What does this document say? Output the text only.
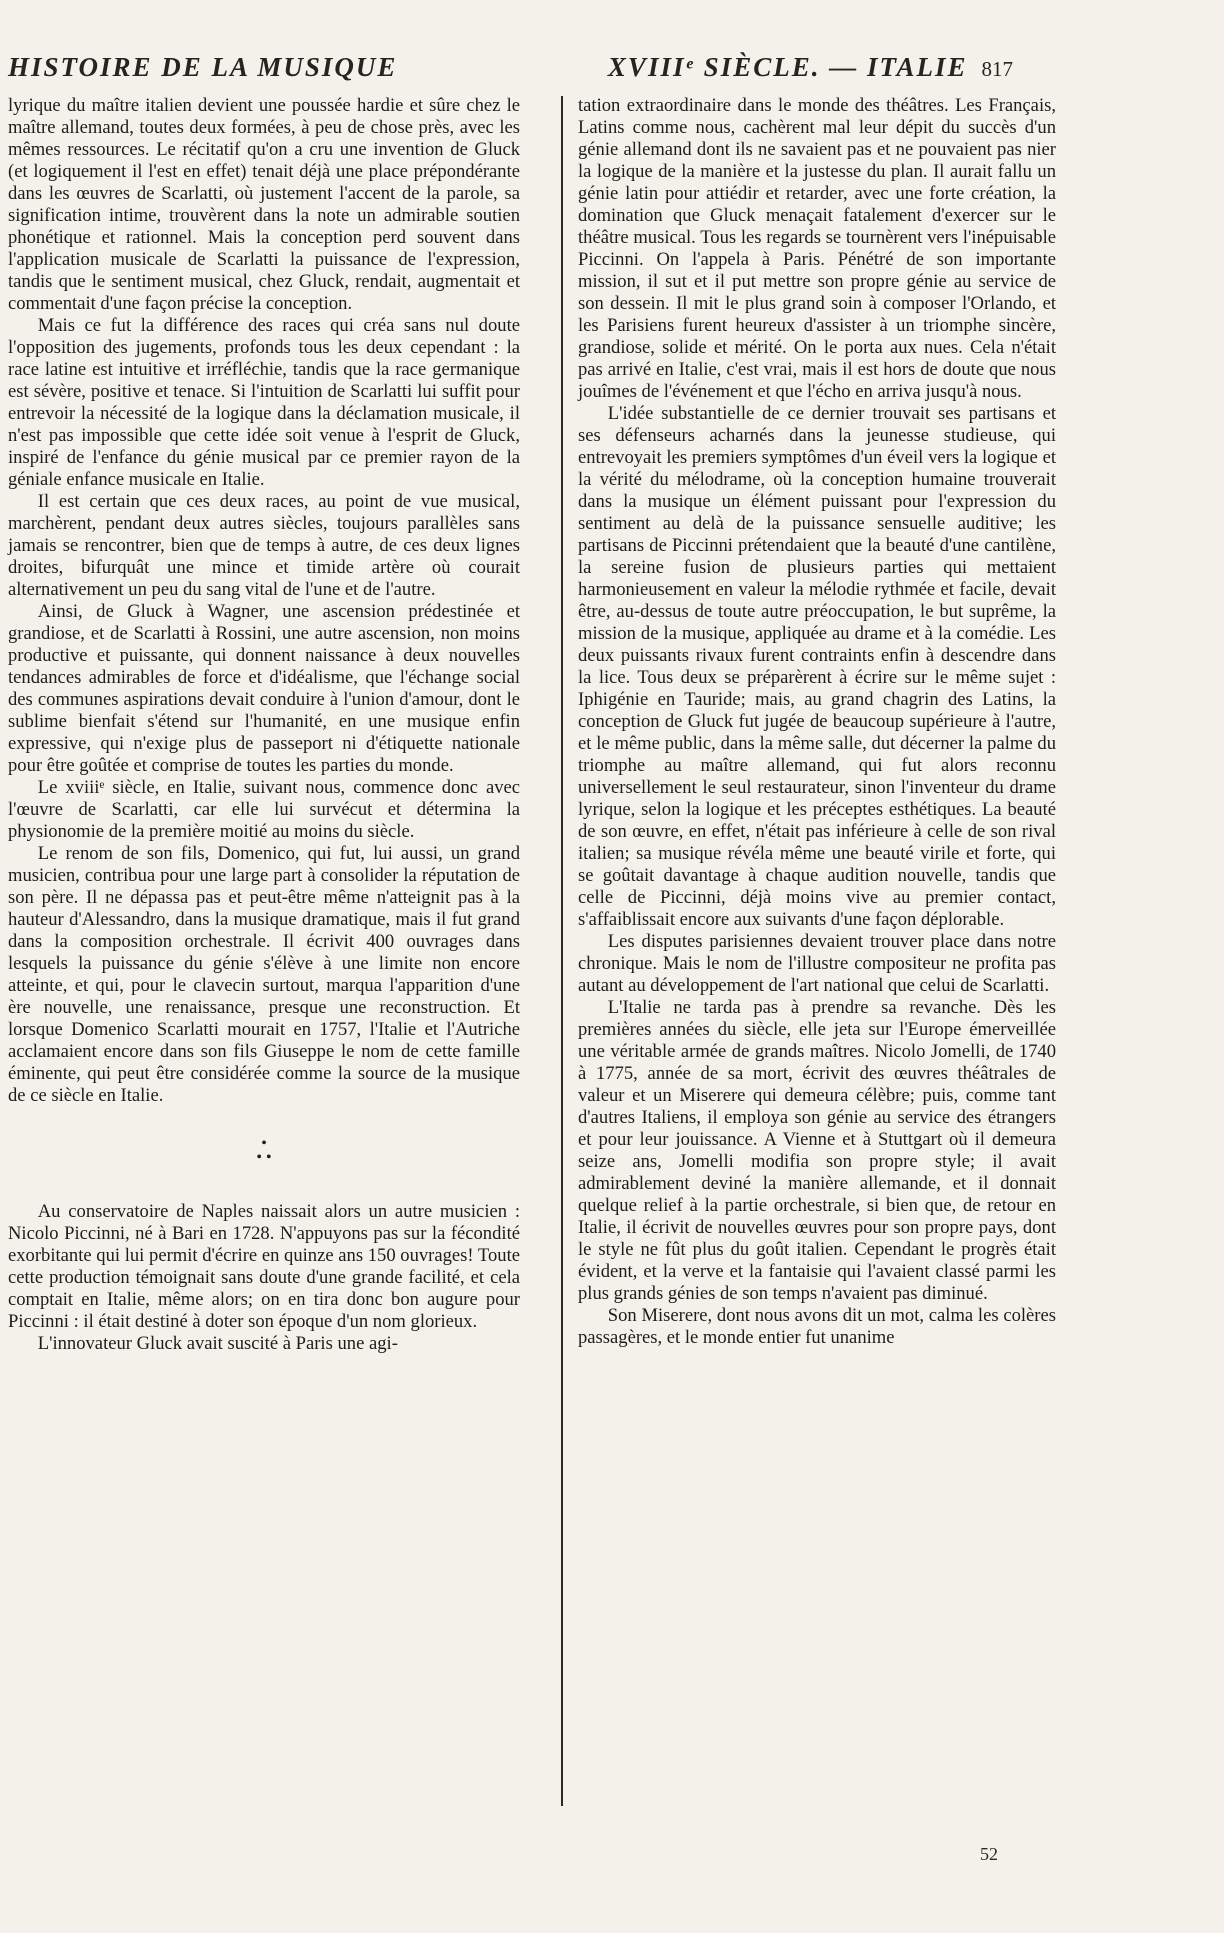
HISTOIRE DE LA MUSIQUE	XVIIIᵉ SIÈCLE. — ITALIE 817

lyrique du maître italien devient une poussée hardie et sûre chez le maître allemand, toutes deux formées, à peu de chose près, avec les mêmes ressources. Le récitatif qu'on a cru une invention de Gluck (et logiquement il l'est en effet) tenait déjà une place prépondérante dans les œuvres de Scarlatti, où justement l'accent de la parole, sa signification intime, trouvèrent dans la note un admirable soutien phonétique et rationnel. Mais la conception perd souvent dans l'application musicale de Scarlatti la puissance de l'expression, tandis que le sentiment musical, chez Gluck, rendait, augmentait et commentait d'une façon précise la conception.

Mais ce fut la différence des races qui créa sans nul doute l'opposition des jugements, profonds tous les deux cependant : la race latine est intuitive et irréfléchie, tandis que la race germanique est sévère, positive et tenace. Si l'intuition de Scarlatti lui suffit pour entrevoir la nécessité de la logique dans la déclamation musicale, il n'est pas impossible que cette idée soit venue à l'esprit de Gluck, inspiré de l'enfance du génie musical par ce premier rayon de la géniale enfance musicale en Italie.

Il est certain que ces deux races, au point de vue musical, marchèrent, pendant deux autres siècles, toujours parallèles sans jamais se rencontrer, bien que de temps à autre, de ces deux lignes droites, bifurquât une mince et timide artère où courait alternativement un peu du sang vital de l'une et de l'autre.

Ainsi, de Gluck à Wagner, une ascension prédestinée et grandiose, et de Scarlatti à Rossini, une autre ascension, non moins productive et puissante, qui donnent naissance à deux nouvelles tendances admirables de force et d'idéalisme, que l'échange social des communes aspirations devait conduire à l'union d'amour, dont le sublime bienfait s'étend sur l'humanité, en une musique enfin expressive, qui n'exige plus de passeport ni d'étiquette nationale pour être goûtée et comprise de toutes les parties du monde.

Le xviiiᵉ siècle, en Italie, suivant nous, commence donc avec l'œuvre de Scarlatti, car elle lui survécut et détermina la physionomie de la première moitié au moins du siècle.

Le renom de son fils, Domenico, qui fut, lui aussi, un grand musicien, contribua pour une large part à consolider la réputation de son père. Il ne dépassa pas et peut-être même n'atteignit pas à la hauteur d'Alessandro, dans la musique dramatique, mais il fut grand dans la composition orchestrale. Il écrivit 400 ouvrages dans lesquels la puissance du génie s'élève à une limite non encore atteinte, et qui, pour le clavecin surtout, marqua l'apparition d'une ère nouvelle, une renaissance, presque une reconstruction. Et lorsque Domenico Scarlatti mourait en 1757, l'Italie et l'Autriche acclamaient encore dans son fils Giuseppe le nom de cette famille éminente, qui peut être considérée comme la source de la musique de ce siècle en Italie.

•
• •

Au conservatoire de Naples naissait alors un autre musicien : Nicolo Piccinni, né à Bari en 1728. N'appuyons pas sur la fécondité exorbitante qui lui permit d'écrire en quinze ans 150 ouvrages! Toute cette production témoignait sans doute d'une grande facilité, et cela comptait en Italie, même alors; on en tira donc bon augure pour Piccinni : il était destiné à doter son époque d'un nom glorieux.

L'innovateur Gluck avait suscité à Paris une agi-

tation extraordinaire dans le monde des théâtres. Les Français, Latins comme nous, cachèrent mal leur dépit du succès d'un génie allemand dont ils ne savaient pas et ne pouvaient pas nier la logique de la manière et la justesse du plan. Il aurait fallu un génie latin pour attiédir et retarder, avec une forte création, la domination que Gluck menaçait fatalement d'exercer sur le théâtre musical. Tous les regards se tournèrent vers l'inépuisable Piccinni. On l'appela à Paris. Pénétré de son importante mission, il sut et il put mettre son propre génie au service de son dessein. Il mit le plus grand soin à composer l'Orlando, et les Parisiens furent heureux d'assister à un triomphe sincère, grandiose, solide et mérité. On le porta aux nues. Cela n'était pas arrivé en Italie, c'est vrai, mais il est hors de doute que nous jouîmes de l'événement et que l'écho en arriva jusqu'à nous.

L'idée substantielle de ce dernier trouvait ses partisans et ses défenseurs acharnés dans la jeunesse studieuse, qui entrevoyait les premiers symptômes d'un éveil vers la logique et la vérité du mélodrame, où la conception humaine trouverait dans la musique un élément puissant pour l'expression du sentiment au delà de la puissance sensuelle auditive; les partisans de Piccinni prétendaient que la beauté d'une cantilène, la sereine fusion de plusieurs parties qui mettaient harmonieusement en valeur la mélodie rythmée et facile, devait être, au-dessus de toute autre préoccupation, le but suprême, la mission de la musique, appliquée au drame et à la comédie. Les deux puissants rivaux furent contraints enfin à descendre dans la lice. Tous deux se préparèrent à écrire sur le même sujet : Iphigénie en Tauride; mais, au grand chagrin des Latins, la conception de Gluck fut jugée de beaucoup supérieure à l'autre, et le même public, dans la même salle, dut décerner la palme du triomphe au maître allemand, qui fut alors reconnu universellement le seul restaurateur, sinon l'inventeur du drame lyrique, selon la logique et les préceptes esthétiques. La beauté de son œuvre, en effet, n'était pas inférieure à celle de son rival italien; sa musique révéla même une beauté virile et forte, qui se goûtait davantage à chaque audition nouvelle, tandis que celle de Piccinni, déjà moins vive au premier contact, s'affaiblissait encore aux suivants d'une façon déplorable.

Les disputes parisiennes devaient trouver place dans notre chronique. Mais le nom de l'illustre compositeur ne profita pas autant au développement de l'art national que celui de Scarlatti.

L'Italie ne tarda pas à prendre sa revanche. Dès les premières années du siècle, elle jeta sur l'Europe émerveillée une véritable armée de grands maîtres. Nicolo Jomelli, de 1740 à 1775, année de sa mort, écrivit des œuvres théâtrales de valeur et un Miserere qui demeura célèbre; puis, comme tant d'autres Italiens, il employa son génie au service des étrangers et pour leur jouissance. A Vienne et à Stuttgart où il demeura seize ans, Jomelli modifia son propre style; il avait admirablement deviné la manière allemande, et il donnait quelque relief à la partie orchestrale, si bien que, de retour en Italie, il écrivit de nouvelles œuvres pour son propre pays, dont le style ne fût plus du goût italien. Cependant le progrès était évident, et la verve et la fantaisie qui l'avaient classé parmi les plus grands génies de son temps n'avaient pas diminué.

Son Miserere, dont nous avons dit un mot, calma les colères passagères, et le monde entier fut unanime

52
